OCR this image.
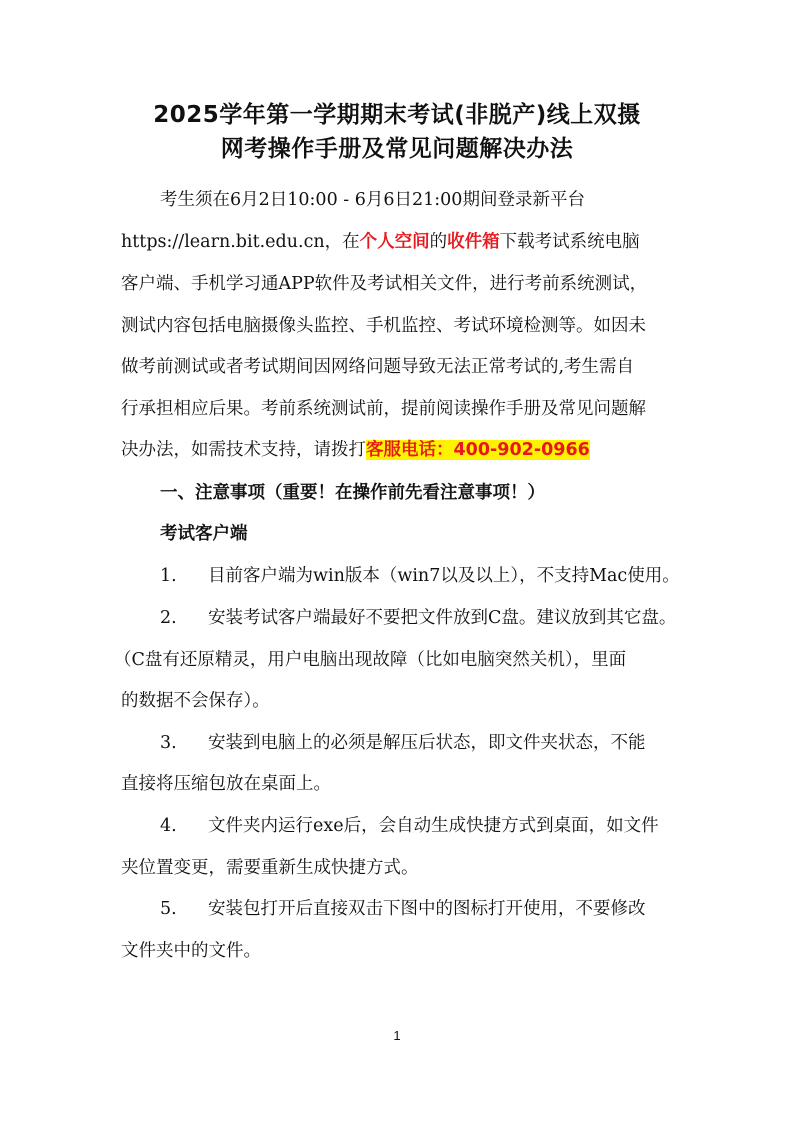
2025学年第一学期期末考试(非脱产)线上双摄
网考操作手册及常见问题解决办法
考生须在6月2日10:00 - 6月6日21:00期间登录新平台
https://learn.bit.edu.cn，在个人空间的收件箱下载考试系统电脑
客户端、手机学习通APP软件及考试相关文件，进行考前系统测试，
测试内容包括电脑摄像头监控、手机监控、考试环境检测等。如因未
做考前测试或者考试期间因网络问题导致无法正常考试的,考生需自
行承担相应后果。考前系统测试前，提前阅读操作手册及常见问题解
决办法，如需技术支持，请拨打客服电话：400-902-0966
一、注意事项（重要！在操作前先看注意事项！）
考试客户端
1. 目前客户端为win版本（win7以及以上），不支持Mac使用。
2. 安装考试客户端最好不要把文件放到C盘。建议放到其它盘。
（C盘有还原精灵，用户电脑出现故障（比如电脑突然关机），里面
的数据不会保存）。
3. 安装到电脑上的必须是解压后状态，即文件夹状态，不能
直接将压缩包放在桌面上。
4. 文件夹内运行exe后，会自动生成快捷方式到桌面，如文件
夹位置变更，需要重新生成快捷方式。
5. 安装包打开后直接双击下图中的图标打开使用，不要修改
文件夹中的文件。
1
